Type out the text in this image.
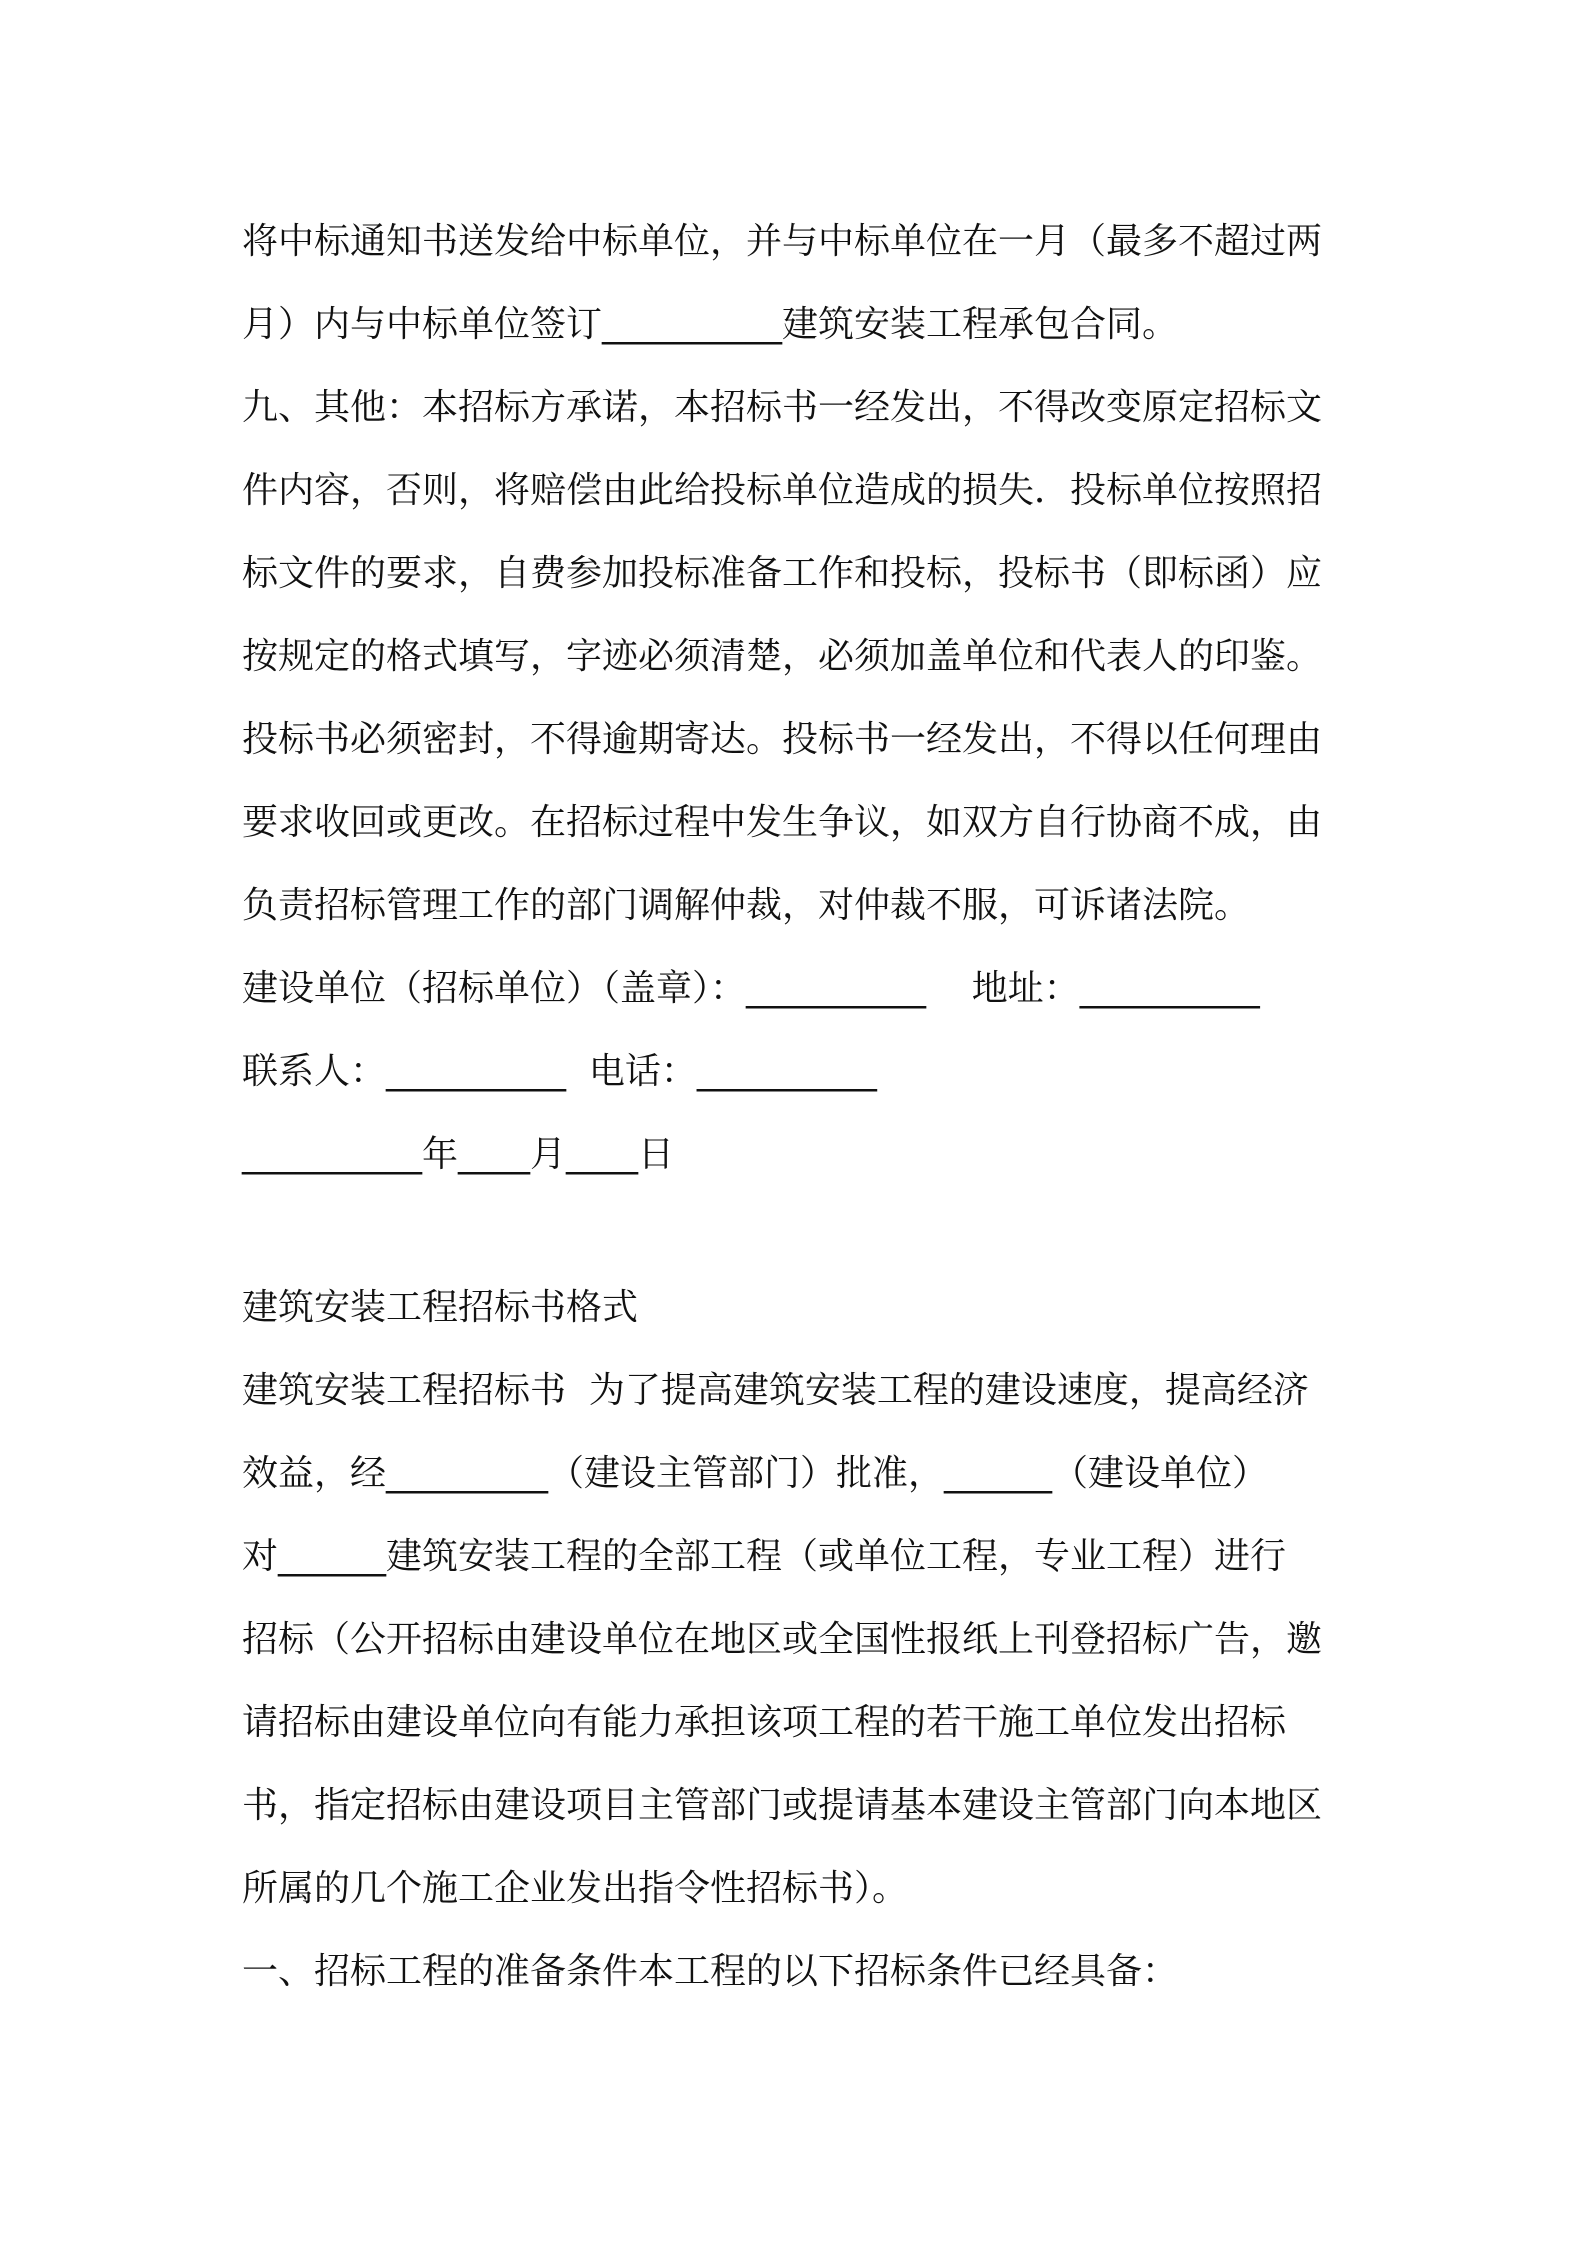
将中标通知书送发给中标单位，并与中标单位在一月（最多不超过两

月）内与中标单位签订__________建筑安装工程承包合同。

九、其他：本招标方承诺，本招标书一经发出，不得改变原定招标文

件内容，否则，将赔偿由此给投标单位造成的损失．投标单位按照招

标文件的要求，自费参加投标准备工作和投标，投标书（即标函）应

按规定的格式填写，字迹必须清楚，必须加盖单位和代表人的印鉴。

投标书必须密封，不得逾期寄达。投标书一经发出，不得以任何理由

要求收回或更改。在招标过程中发生争议，如双方自行协商不成，由

负责招标管理工作的部门调解仲裁，对仲裁不服，可诉诸法院。

建设单位（招标单位）（盖章）：__________    地址：__________

联系人：__________  电话：__________

__________年____月____日

建筑安装工程招标书格式

建筑安装工程招标书  为了提高建筑安装工程的建设速度，提高经济

效益，经_________（建设主管部门）批准，______（建设单位）

对______建筑安装工程的全部工程（或单位工程，专业工程）进行

招标（公开招标由建设单位在地区或全国性报纸上刊登招标广告，邀

请招标由建设单位向有能力承担该项工程的若干施工单位发出招标

书，指定招标由建设项目主管部门或提请基本建设主管部门向本地区

所属的几个施工企业发出指令性招标书）。

一、招标工程的准备条件本工程的以下招标条件已经具备：
